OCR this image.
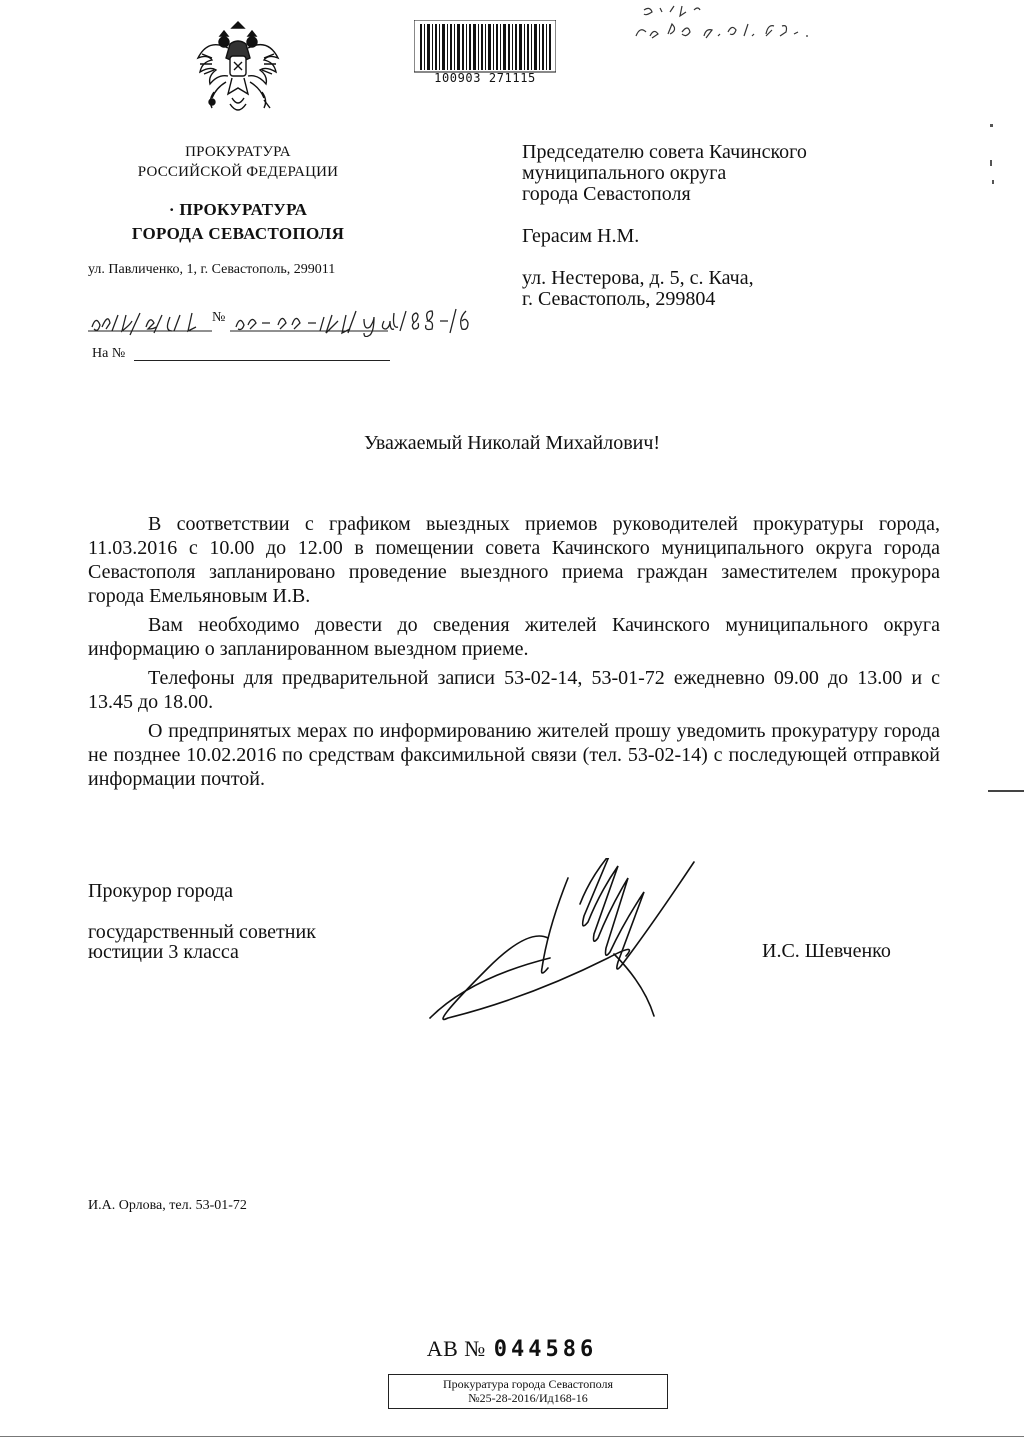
ПРОКУРАТУРА
РОССИЙСКОЙ ФЕДЕРАЦИИ
· ПРОКУРАТУРА
ГОРОДА СЕВАСТОПОЛЯ
ул. Павличенко, 1, г. Севастополь, 299011
№
На №
100903 271115
Председателю совета Качинского
муниципального округа
города Севастополя
Герасим Н.М.
ул. Нестерова, д. 5, с. Кача,
г. Севастополь, 299804
Уважаемый Николай Михайлович!

В соответствии с графиком выездных приемов руководителей прокуратуры города, 11.03.2016 с 10.00 до 12.00 в помещении совета Качинского муниципального округа города Севастополя запланировано проведение выездного приема граждан заместителем прокурора города Емельяновым И.В.

Вам необходимо довести до сведения жителей Качинского муниципального округа информацию о запланированном выездном приеме.

Телефоны для предварительной записи 53-02-14, 53-01-72 ежедневно 09.00 до 13.00 и с 13.45 до 18.00.

О предпринятых мерах по информированию жителей прошу уведомить прокуратуру города не позднее 10.02.2016 по средствам факсимильной связи (тел. 53-02-14) с последующей отправкой информации почтой.

Прокурор города
государственный советник
юстиции 3 класса	И.С. Шевченко
И.А. Орлова, тел. 53-01-72
АВ № 044586
Прокуратура города Севастополя
№25-28-2016/Ид168-16
